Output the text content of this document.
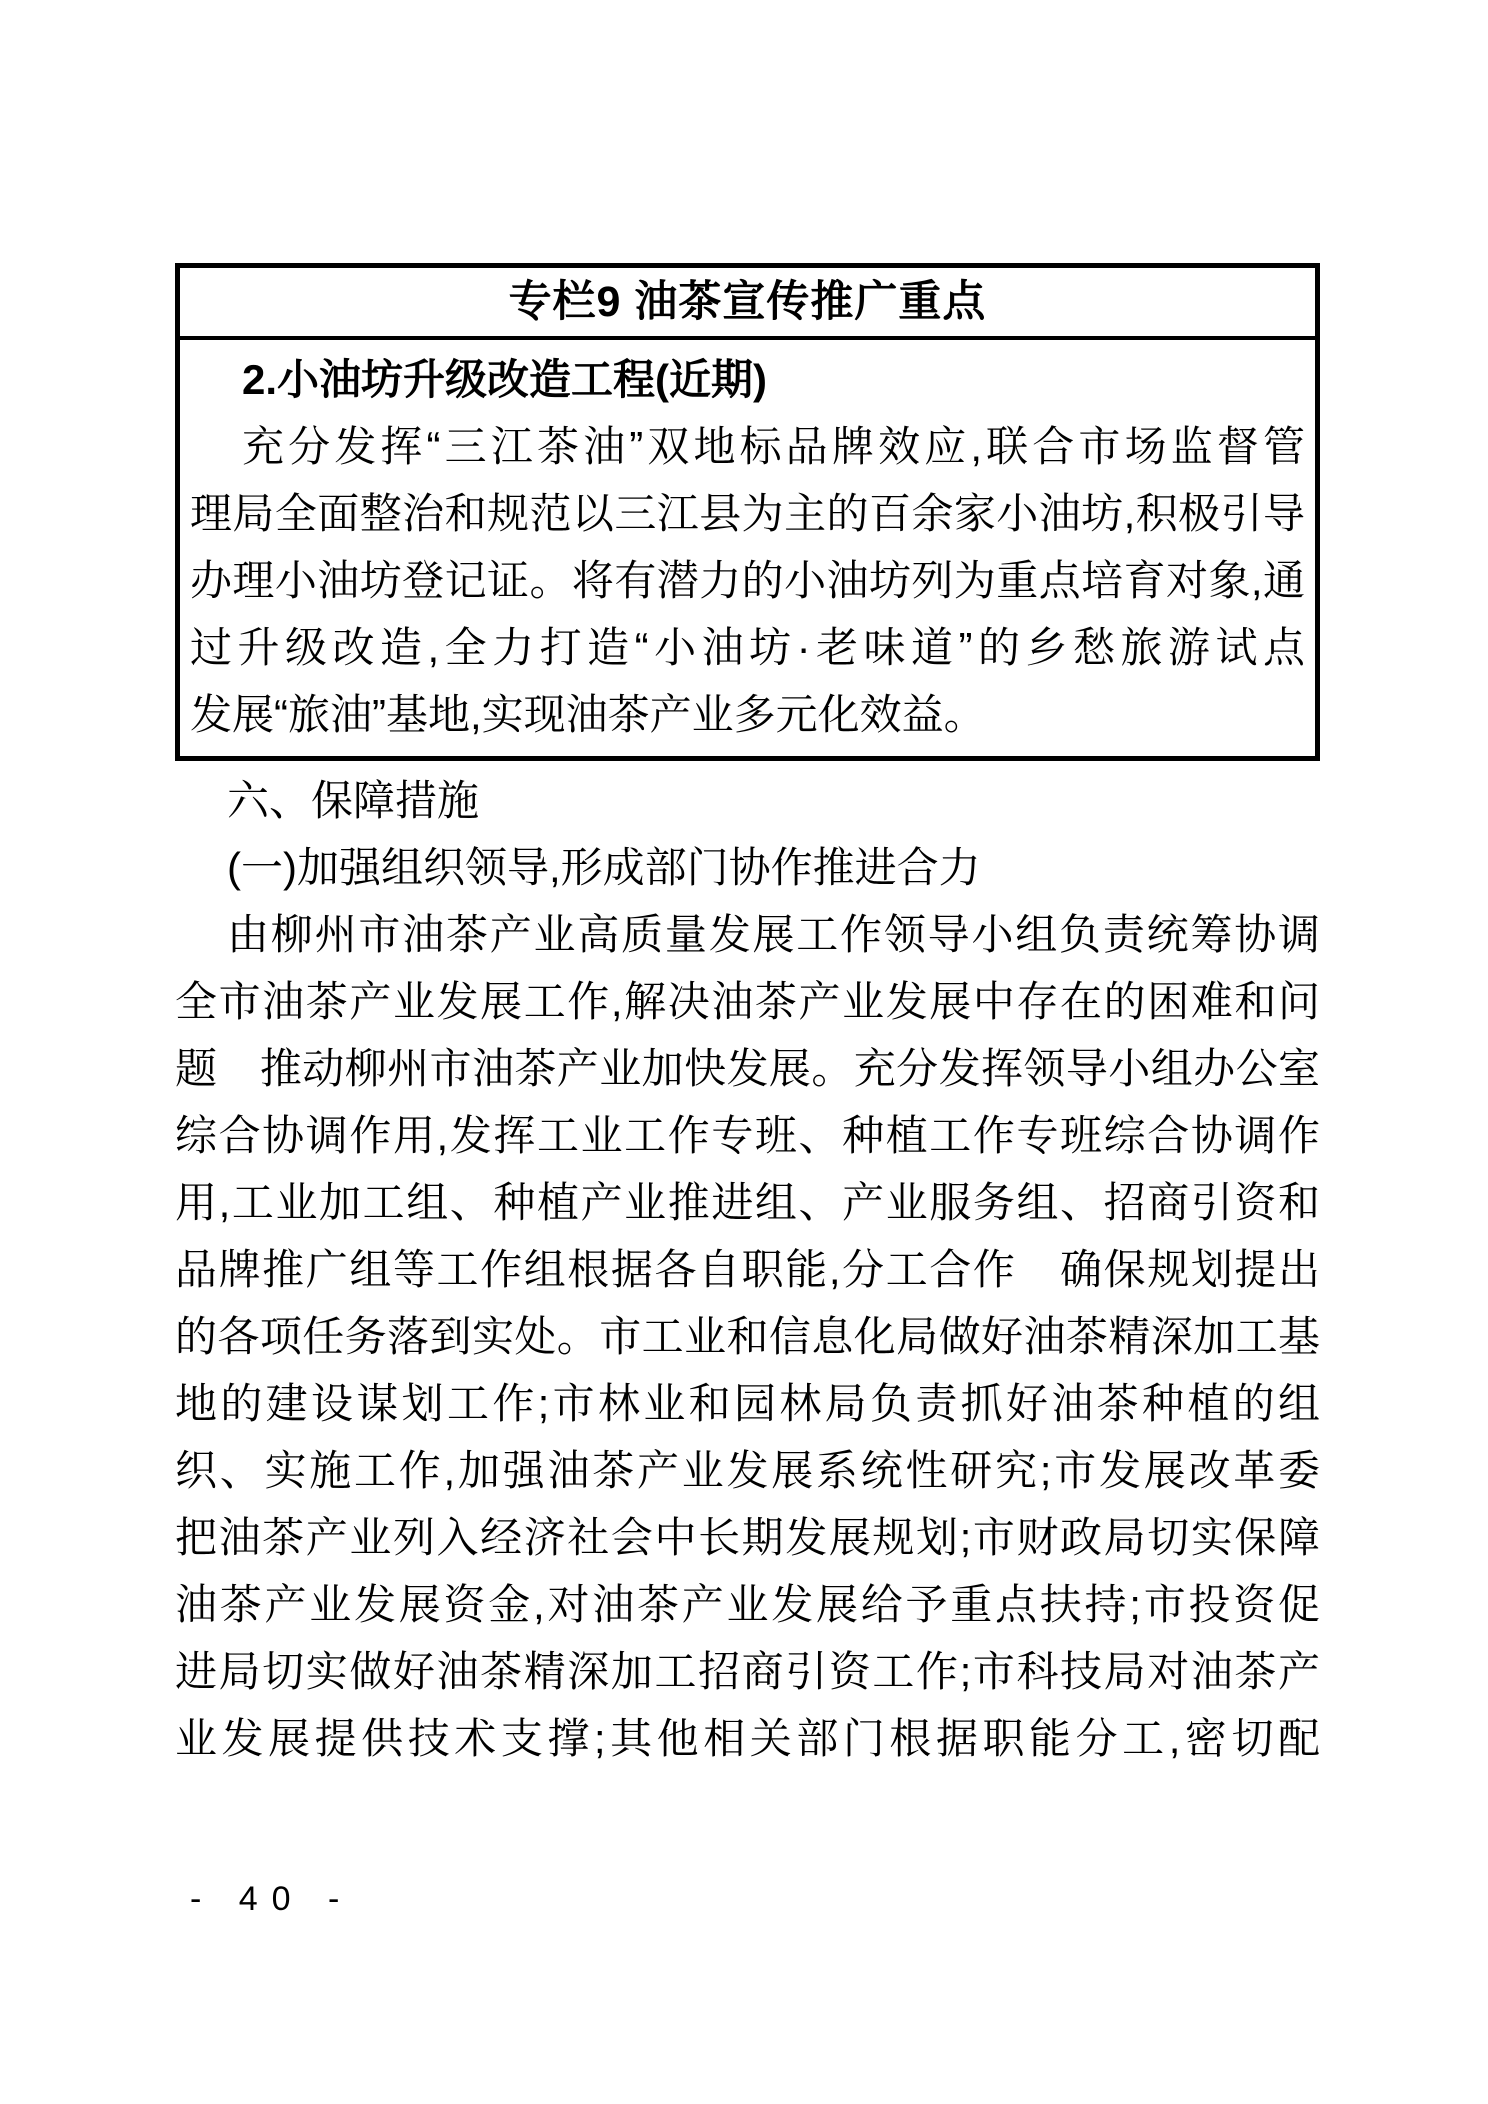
专栏9 油茶宣传推广重点
2.小油坊升级改造工程(近期)
充分发挥“三江茶油”双地标品牌效应,联合市场监督管
理局全面整治和规范以三江县为主的百余家小油坊,积极引导
办理小油坊登记证。将有潜力的小油坊列为重点培育对象,通
过升级改造,全力打造“小油坊·老味道”的乡愁旅游试点
发展“旅油”基地,实现油茶产业多元化效益。
六、保障措施
(一)加强组织领导,形成部门协作推进合力
由柳州市油茶产业高质量发展工作领导小组负责统筹协调
全市油茶产业发展工作,解决油茶产业发展中存在的困难和问
题　推动柳州市油茶产业加快发展。充分发挥领导小组办公室
综合协调作用,发挥工业工作专班、种植工作专班综合协调作
用,工业加工组、种植产业推进组、产业服务组、招商引资和
品牌推广组等工作组根据各自职能,分工合作　确保规划提出
的各项任务落到实处。市工业和信息化局做好油茶精深加工基
地的建设谋划工作;市林业和园林局负责抓好油茶种植的组
织、实施工作,加强油茶产业发展系统性研究;市发展改革委
把油茶产业列入经济社会中长期发展规划;市财政局切实保障
油茶产业发展资金,对油茶产业发展给予重点扶持;市投资促
进局切实做好油茶精深加工招商引资工作;市科技局对油茶产
业发展提供技术支撑;其他相关部门根据职能分工,密切配
- 40 -
